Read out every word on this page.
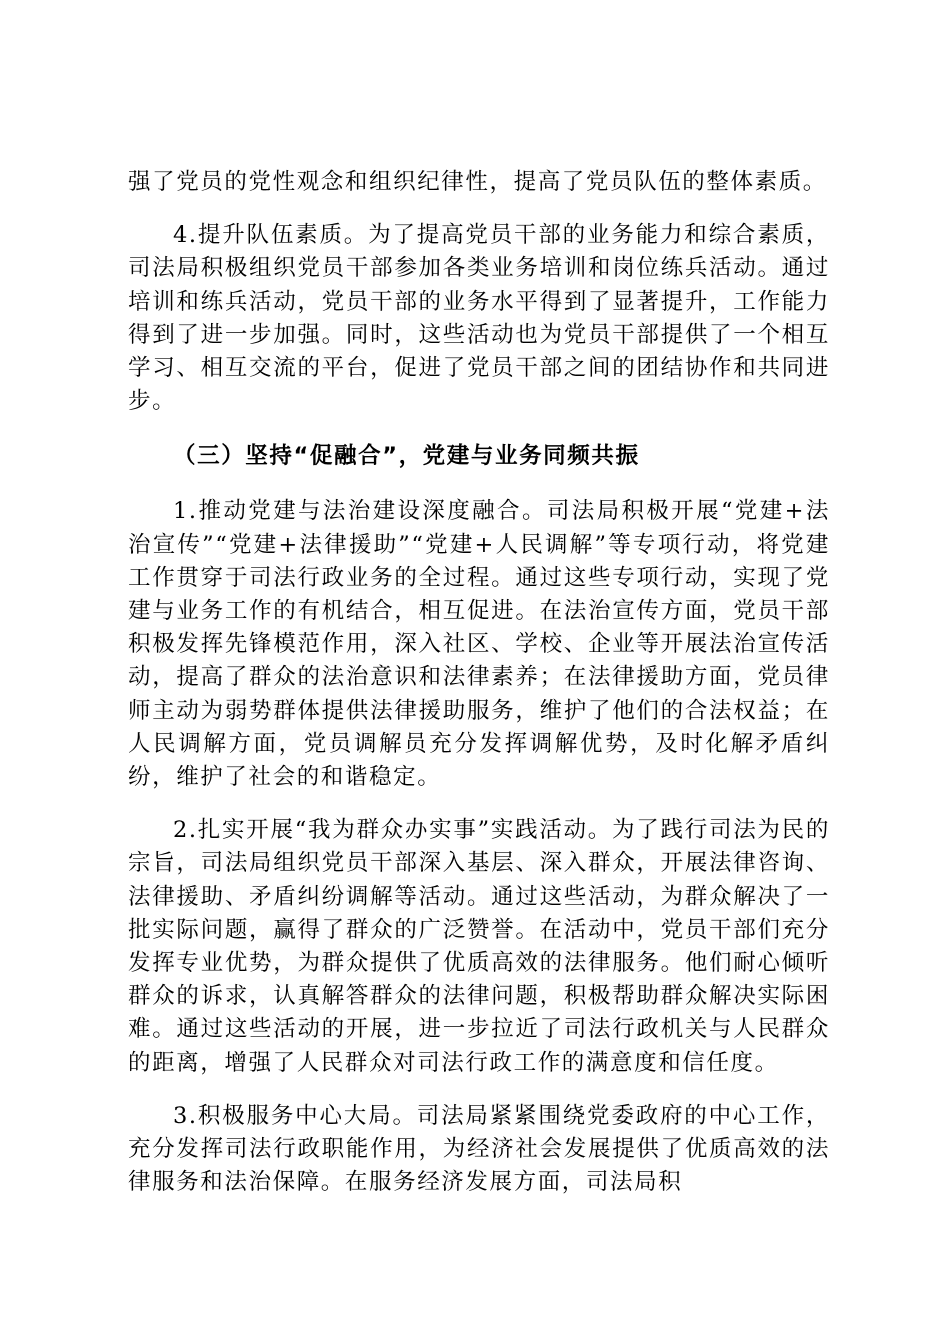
强了党员的党性观念和组织纪律性，提高了党员队伍的整体素质。

4.提升队伍素质。为了提高党员干部的业务能力和综合素质，司法局积极组织党员干部参加各类业务培训和岗位练兵活动。通过培训和练兵活动，党员干部的业务水平得到了显著提升，工作能力得到了进一步加强。同时，这些活动也为党员干部提供了一个相互学习、相互交流的平台，促进了党员干部之间的团结协作和共同进步。

（三）坚持“促融合”，党建与业务同频共振

1.推动党建与法治建设深度融合。司法局积极开展“党建+法治宣传”“党建+法律援助”“党建+人民调解”等专项行动，将党建工作贯穿于司法行政业务的全过程。通过这些专项行动，实现了党建与业务工作的有机结合，相互促进。在法治宣传方面，党员干部积极发挥先锋模范作用，深入社区、学校、企业等开展法治宣传活动，提高了群众的法治意识和法律素养；在法律援助方面，党员律师主动为弱势群体提供法律援助服务，维护了他们的合法权益；在人民调解方面，党员调解员充分发挥调解优势，及时化解矛盾纠纷，维护了社会的和谐稳定。

2.扎实开展“我为群众办实事”实践活动。为了践行司法为民的宗旨，司法局组织党员干部深入基层、深入群众，开展法律咨询、法律援助、矛盾纠纷调解等活动。通过这些活动，为群众解决了一批实际问题，赢得了群众的广泛赞誉。在活动中，党员干部们充分发挥专业优势，为群众提供了优质高效的法律服务。他们耐心倾听群众的诉求，认真解答群众的法律问题，积极帮助群众解决实际困难。通过这些活动的开展，进一步拉近了司法行政机关与人民群众的距离，增强了人民群众对司法行政工作的满意度和信任度。

3.积极服务中心大局。司法局紧紧围绕党委政府的中心工作，充分发挥司法行政职能作用，为经济社会发展提供了优质高效的法律服务和法治保障。在服务经济发展方面，司法局积
